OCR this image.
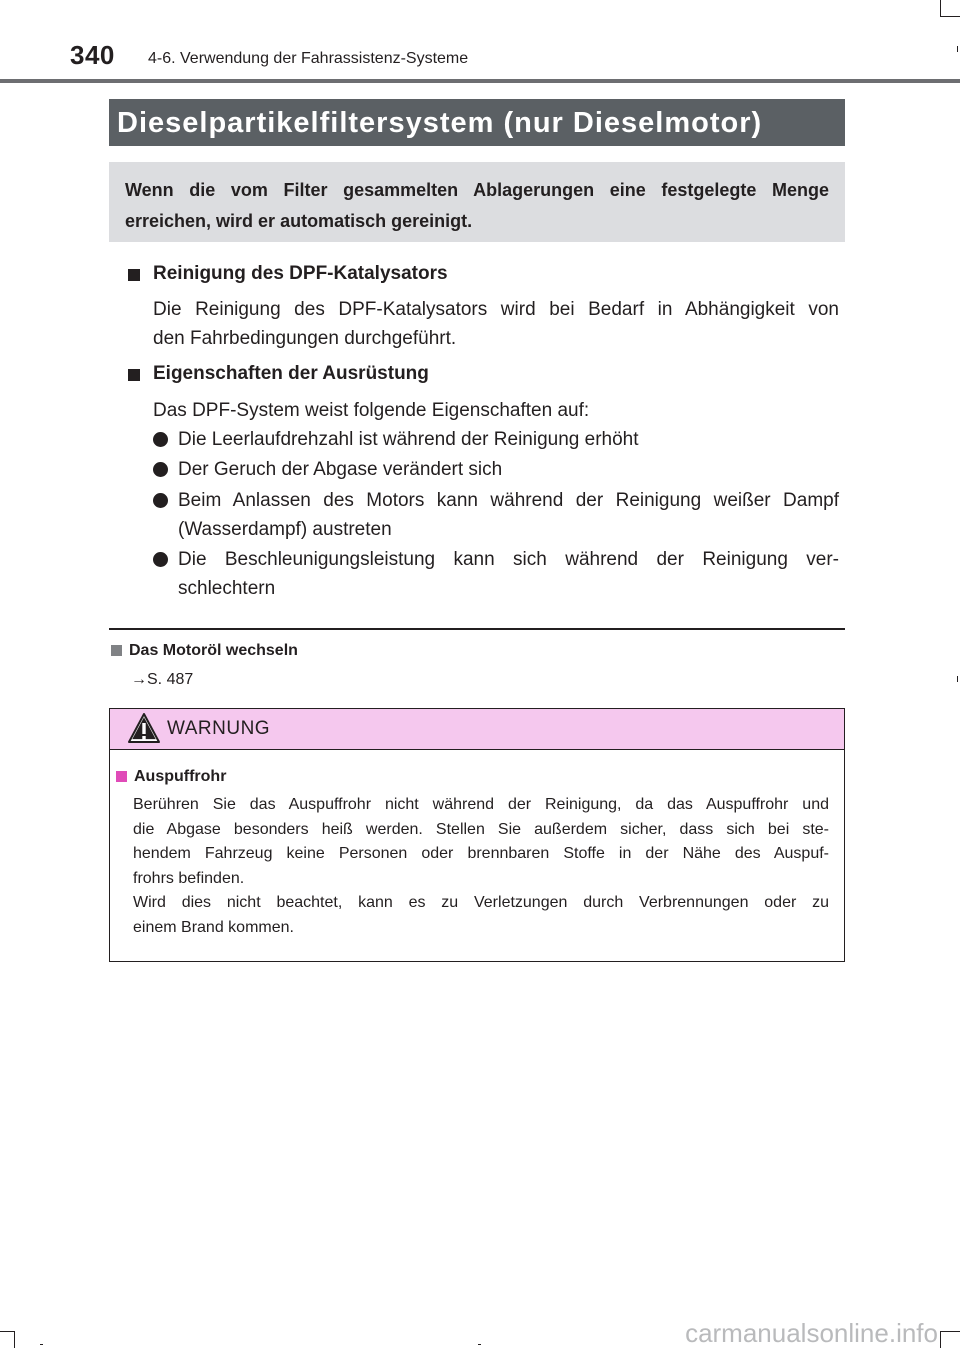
340 4-6. Verwendung der Fahrassistenz-Systeme
Dieselpartikelfiltersystem (nur Dieselmotor)
Wenn die vom Filter gesammelten Ablagerungen eine festgelegte Menge erreichen, wird er automatisch gereinigt.
Reinigung des DPF-Katalysators
Die Reinigung des DPF-Katalysators wird bei Bedarf in Abhängigkeit von
den Fahrbedingungen durchgeführt.
Eigenschaften der Ausrüstung
Das DPF-System weist folgende Eigenschaften auf:
Die Leerlaufdrehzahl ist während der Reinigung erhöht
Der Geruch der Abgase verändert sich
Beim Anlassen des Motors kann während der Reinigung weißer Dampf
(Wasserdampf) austreten
Die Beschleunigungsleistung kann sich während der Reinigung ver-
schlechtern
Das Motoröl wechseln
→S. 487
WARNUNG
Auspuffrohr
Berühren Sie das Auspuffrohr nicht während der Reinigung, da das Auspuffrohr und
die Abgase besonders heiß werden. Stellen Sie außerdem sicher, dass sich bei ste-
hendem Fahrzeug keine Personen oder brennbaren Stoffe in der Nähe des Auspuf-
frohrs befinden.
Wird dies nicht beachtet, kann es zu Verletzungen durch Verbrennungen oder zu
einem Brand kommen.
carmanualsonline.info
